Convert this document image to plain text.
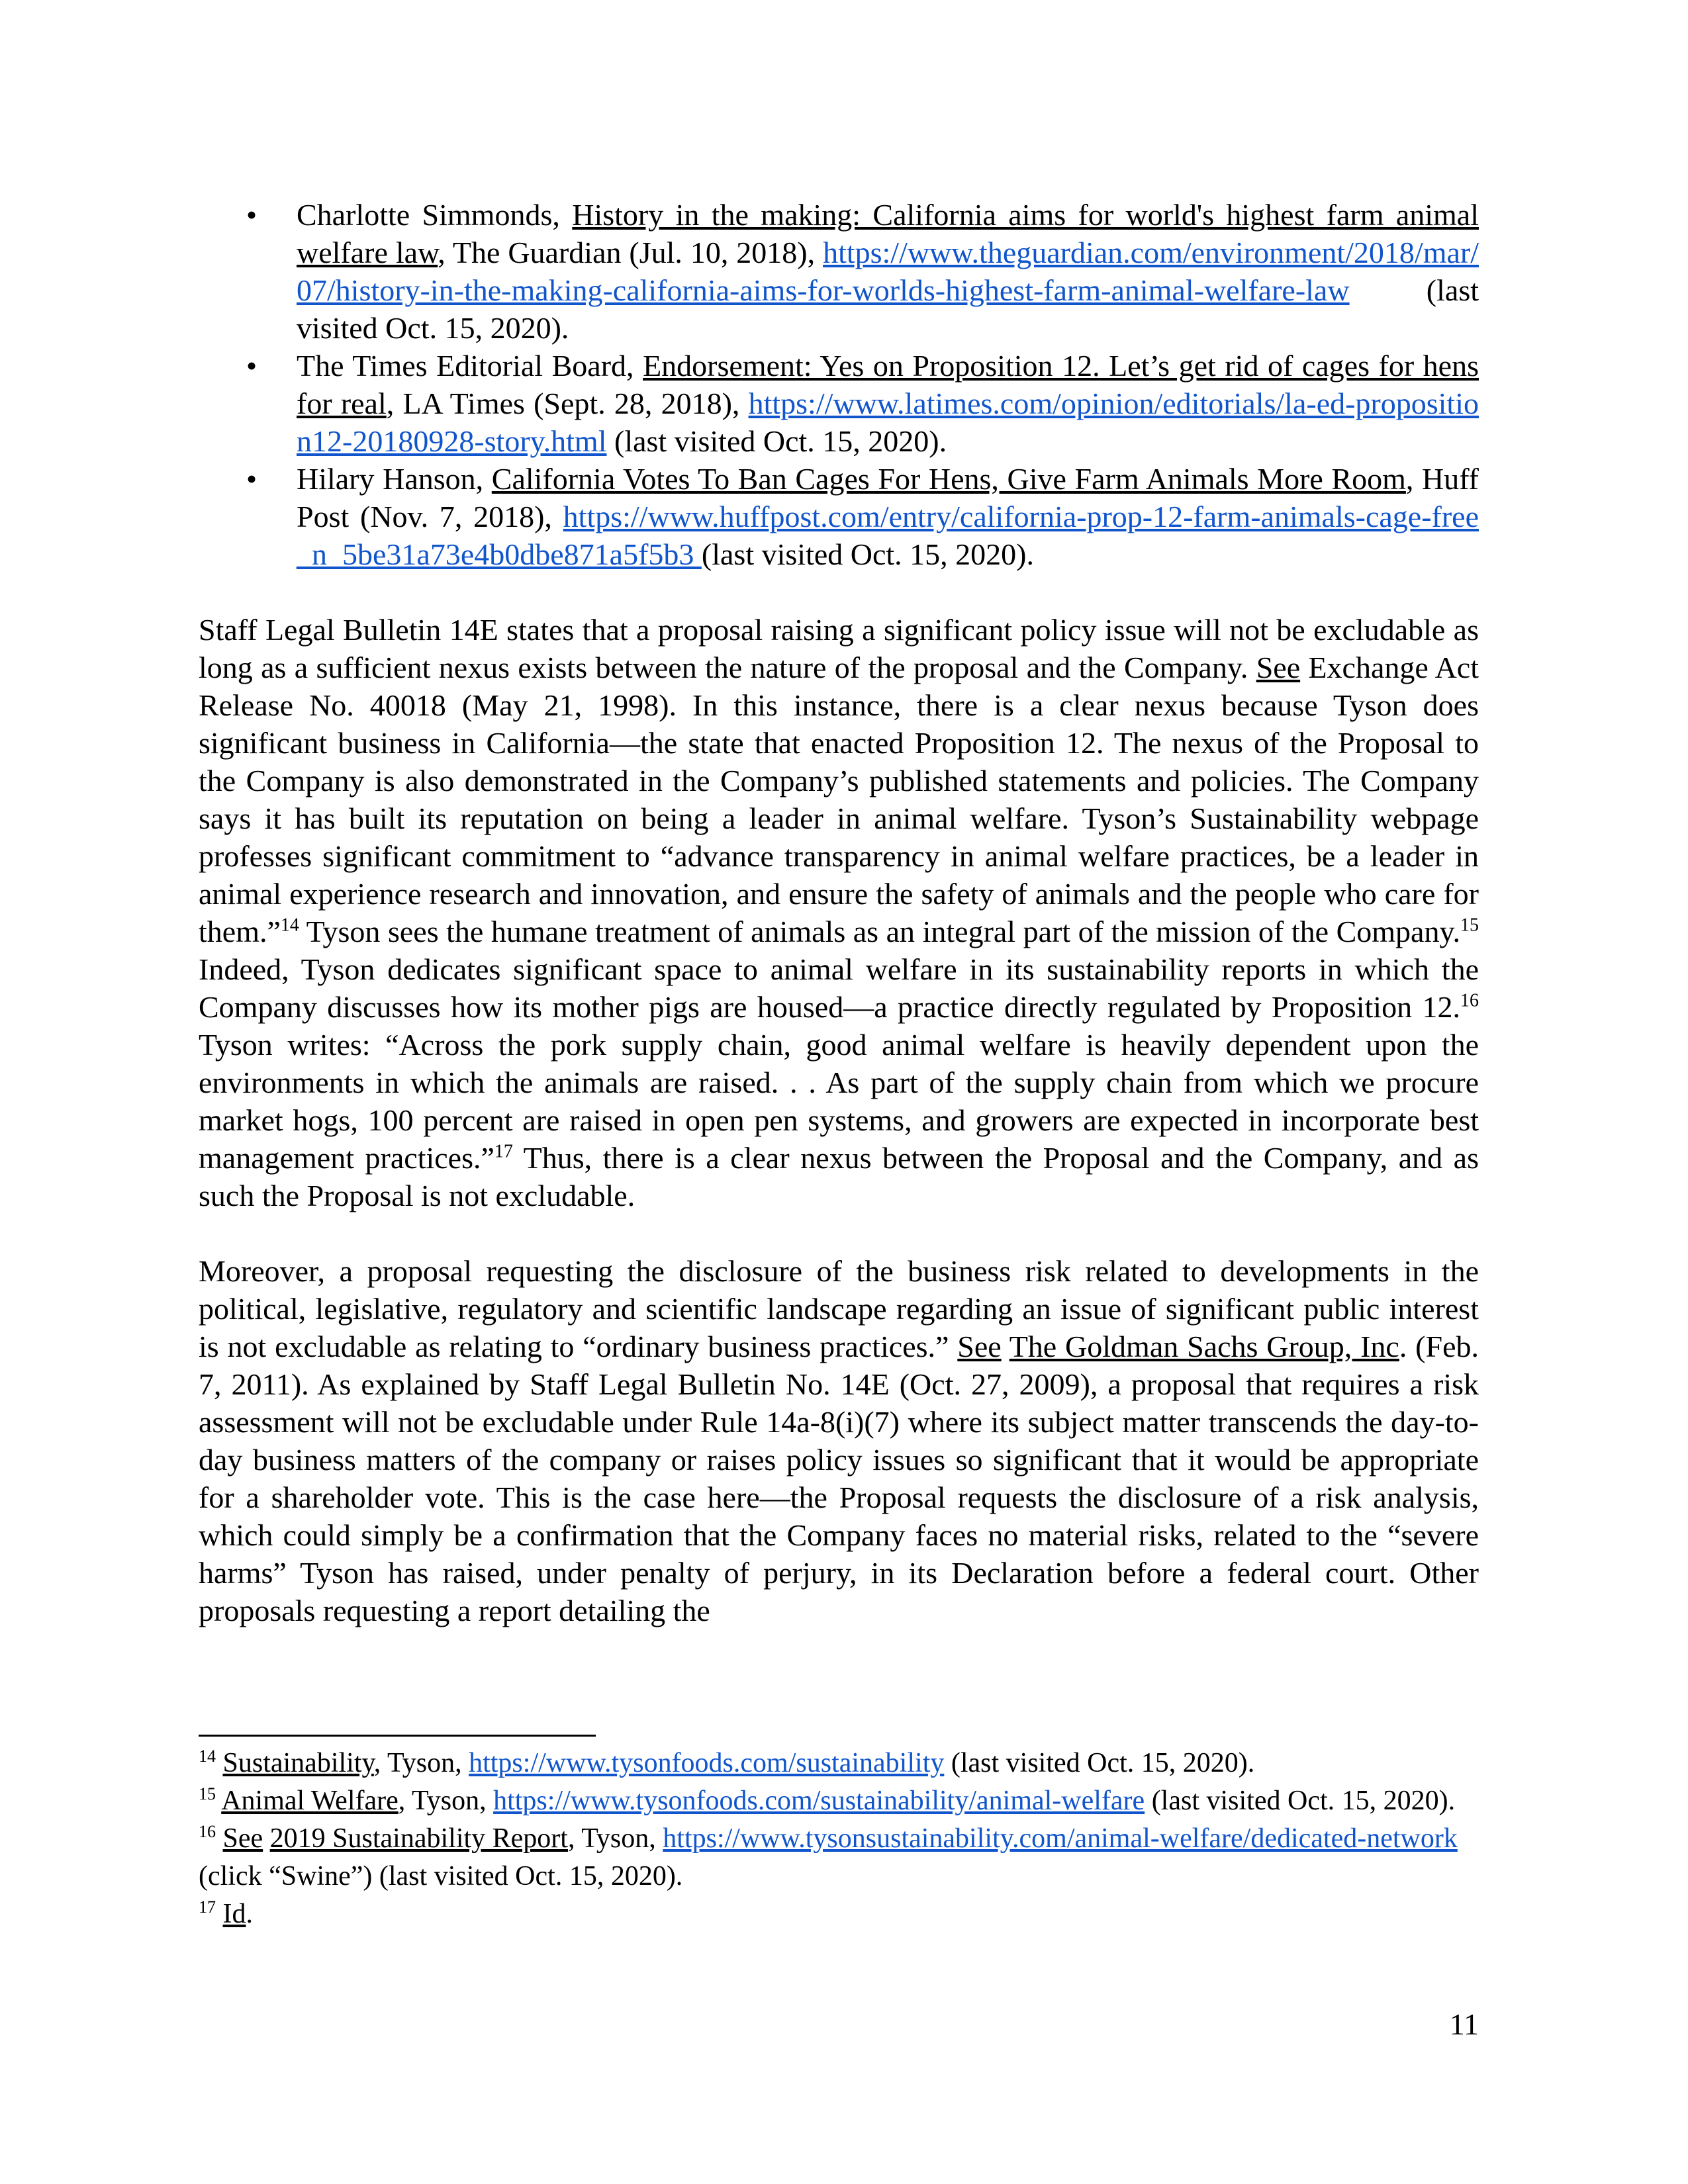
• Charlotte Simmonds, History in the making: California aims for world's highest farm animal welfare law, The Guardian (Jul. 10, 2018), https://www.theguardian.com/environment/2018/mar/07/history-in-the-making-california-aims-for-worlds-highest-farm-animal-welfare-law (last visited Oct. 15, 2020).
• The Times Editorial Board, Endorsement: Yes on Proposition 12. Let’s get rid of cages for hens for real, LA Times (Sept. 28, 2018), https://www.latimes.com/opinion/editorials/la-ed-proposition12-20180928-story.html (last visited Oct. 15, 2020).
• Hilary Hanson, California Votes To Ban Cages For Hens, Give Farm Animals More Room, Huff Post (Nov. 7, 2018), https://www.huffpost.com/entry/california-prop-12-farm-animals-cage-free_n_5be31a73e4b0dbe871a5f5b3 (last visited Oct. 15, 2020).

Staff Legal Bulletin 14E states that a proposal raising a significant policy issue will not be excludable as long as a sufficient nexus exists between the nature of the proposal and the Company. See Exchange Act Release No. 40018 (May 21, 1998). In this instance, there is a clear nexus because Tyson does significant business in California—the state that enacted Proposition 12. The nexus of the Proposal to the Company is also demonstrated in the Company’s published statements and policies. The Company says it has built its reputation on being a leader in animal welfare. Tyson’s Sustainability webpage professes significant commitment to “advance transparency in animal welfare practices, be a leader in animal experience research and innovation, and ensure the safety of animals and the people who care for them.”$^{14}$ Tyson sees the humane treatment of animals as an integral part of the mission of the Company.$^{15}$ Indeed, Tyson dedicates significant space to animal welfare in its sustainability reports in which the Company discusses how its mother pigs are housed—a practice directly regulated by Proposition 12.16 Tyson writes: “Across the pork supply chain, good animal welfare is heavily dependent upon the environments in which the animals are raised. . . As part of the supply chain from which we procure market hogs, 100 percent are raised in open pen systems, and growers are expected in incorporate best management practices.”$^{17}$ Thus, there is a clear nexus between the Proposal and the Company, and as such the Proposal is not excludable.

Moreover, a proposal requesting the disclosure of the business risk related to developments in the political, legislative, regulatory and scientific landscape regarding an issue of significant public interest is not excludable as relating to “ordinary business practices.” See The Goldman Sachs Group, Inc. (Feb. 7, 2011). As explained by Staff Legal Bulletin No. 14E (Oct. 27, 2009), a proposal that requires a risk assessment will not be excludable under Rule 14a-8(i)(7) where its subject matter transcends the day-to-day business matters of the company or raises policy issues so significant that it would be appropriate for a shareholder vote. This is the case here—the Proposal requests the disclosure of a risk analysis, which could simply be a confirmation that the Company faces no material risks, related to the “severe harms” Tyson has raised, under penalty of perjury, in its Declaration before a federal court. Other proposals requesting a report detailing the

$^{14}$ Sustainability, Tyson, https://www.tysonfoods.com/sustainability (last visited Oct. 15, 2020).

$^{15}$ Animal Welfare, Tyson, https://www.tysonfoods.com/sustainability/animal-welfare (last visited Oct. 15, 2020).

$^{16}$ See 2019 Sustainability Report, Tyson, https://www.tysonsustainability.com/animal-welfare/dedicated-network (click “Swine”) (last visited Oct. 15, 2020).

$^{17}$ Id.

11
